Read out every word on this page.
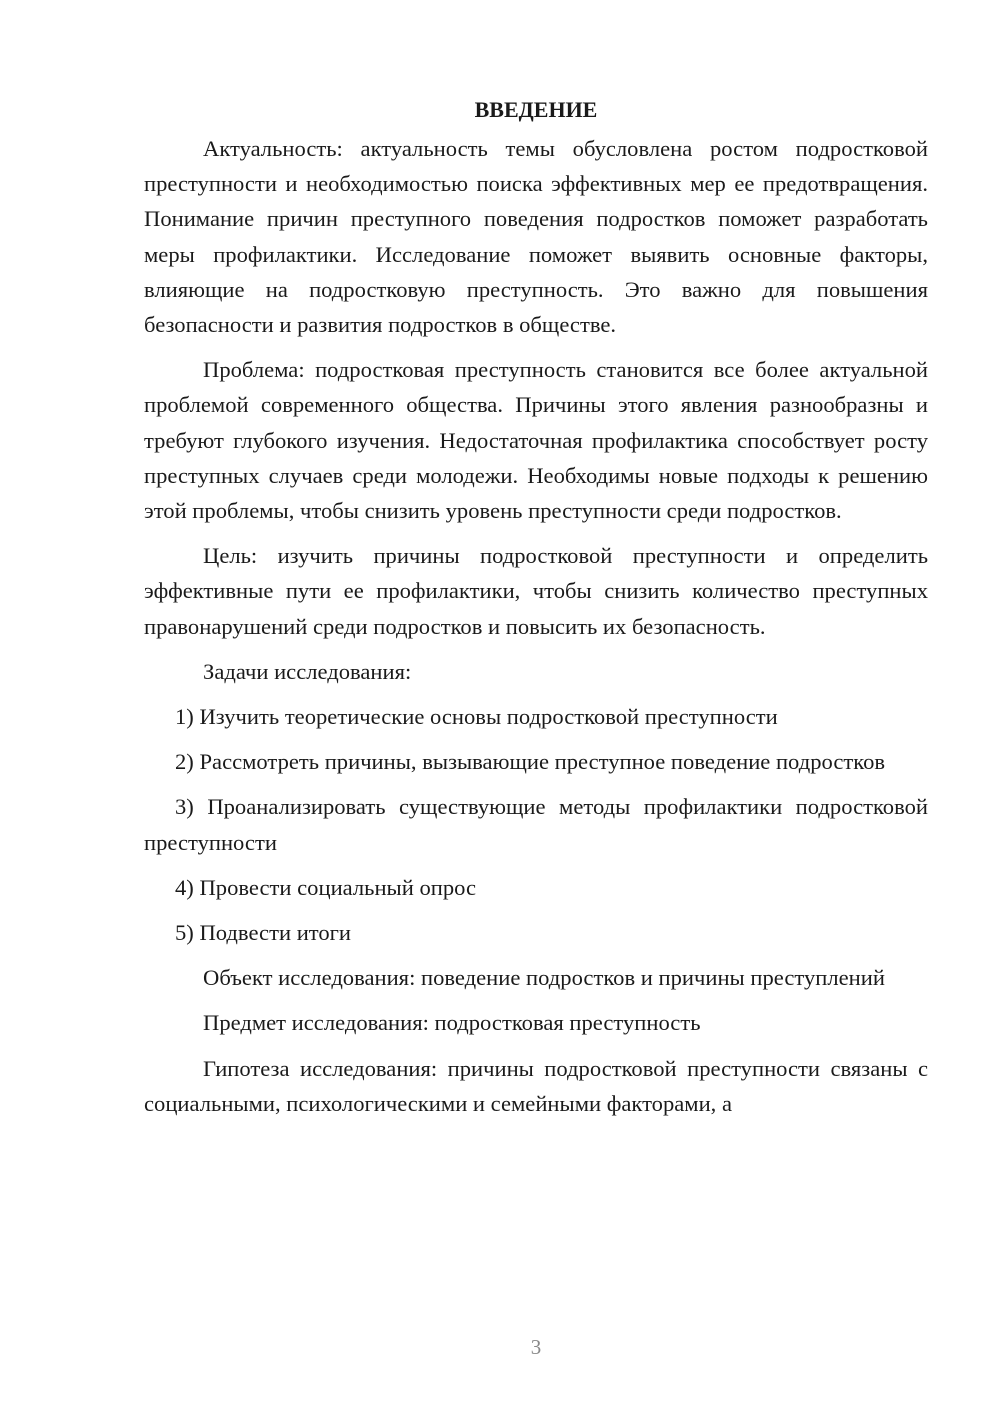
ВВЕДЕНИЕ

Актуальность: актуальность темы обусловлена ростом подростковой преступности и необходимостью поиска эффективных мер ее предотвращения. Понимание причин преступного поведения подростков поможет разработать меры профилактики. Исследование поможет выявить основные факторы, влияющие на подростковую преступность. Это важно для повышения безопасности и развития подростков в обществе.

Проблема: подростковая преступность становится все более актуальной проблемой современного общества. Причины этого явления разнообразны и требуют глубокого изучения. Недостаточная профилактика способствует росту преступных случаев среди молодежи. Необходимы новые подходы к решению этой проблемы, чтобы снизить уровень преступности среди подростков.

Цель: изучить причины подростковой преступности и определить эффективные пути ее профилактики, чтобы снизить количество преступных правонарушений среди подростков и повысить их безопасность.

Задачи исследования:

1) Изучить теоретические основы подростковой преступности

2) Рассмотреть причины, вызывающие преступное поведение подростков

3) Проанализировать существующие методы профилактики подростковой преступности

4) Провести социальный опрос

5) Подвести итоги

Объект исследования: поведение подростков и причины преступлений

Предмет исследования: подростковая преступность

Гипотеза исследования: причины подростковой преступности связаны с социальными, психологическими и семейными факторами, а

3
